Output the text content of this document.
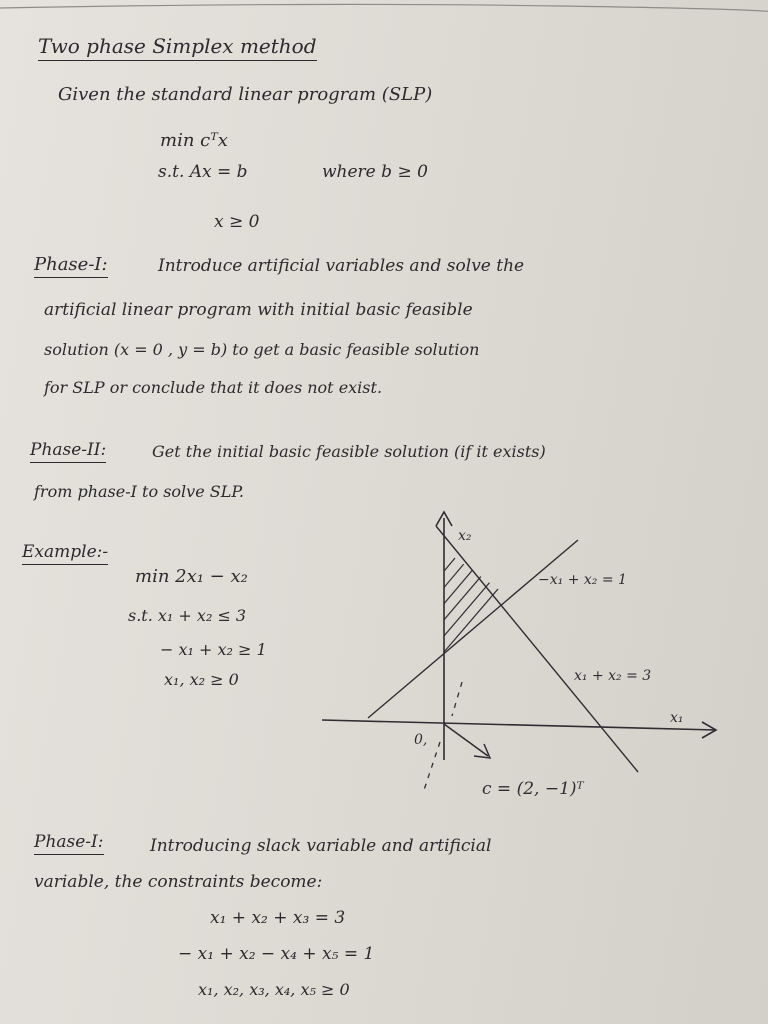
Two phase Simplex method
Given the standard linear program (SLP)
min cᵀx
s.t. Ax = b	where b ≥ 0
x ≥ 0
Phase-I:	Introduce artificial variables and solve the
artificial linear program with initial basic feasible
solution (x = 0 , y = b) to get a basic feasible solution
for SLP or conclude that it does not exist.
Phase-II:	Get the initial basic feasible solution (if it exists)
from phase-I to solve SLP.
Example:-
min 2x₁ − x₂
s.t. x₁ + x₂ ≤ 3
− x₁ + x₂ ≥ 1
x₁, x₂ ≥ 0
x₂
x₁
0,
−x₁ + x₂ = 1
x₁ + x₂ = 3
c = (2, −1)ᵀ
Phase-I:	Introducing slack variable and artificial
variable, the constraints become:
x₁ + x₂ + x₃ = 3
− x₁ + x₂ − x₄ + x₅ = 1
x₁, x₂, x₃, x₄, x₅ ≥ 0
